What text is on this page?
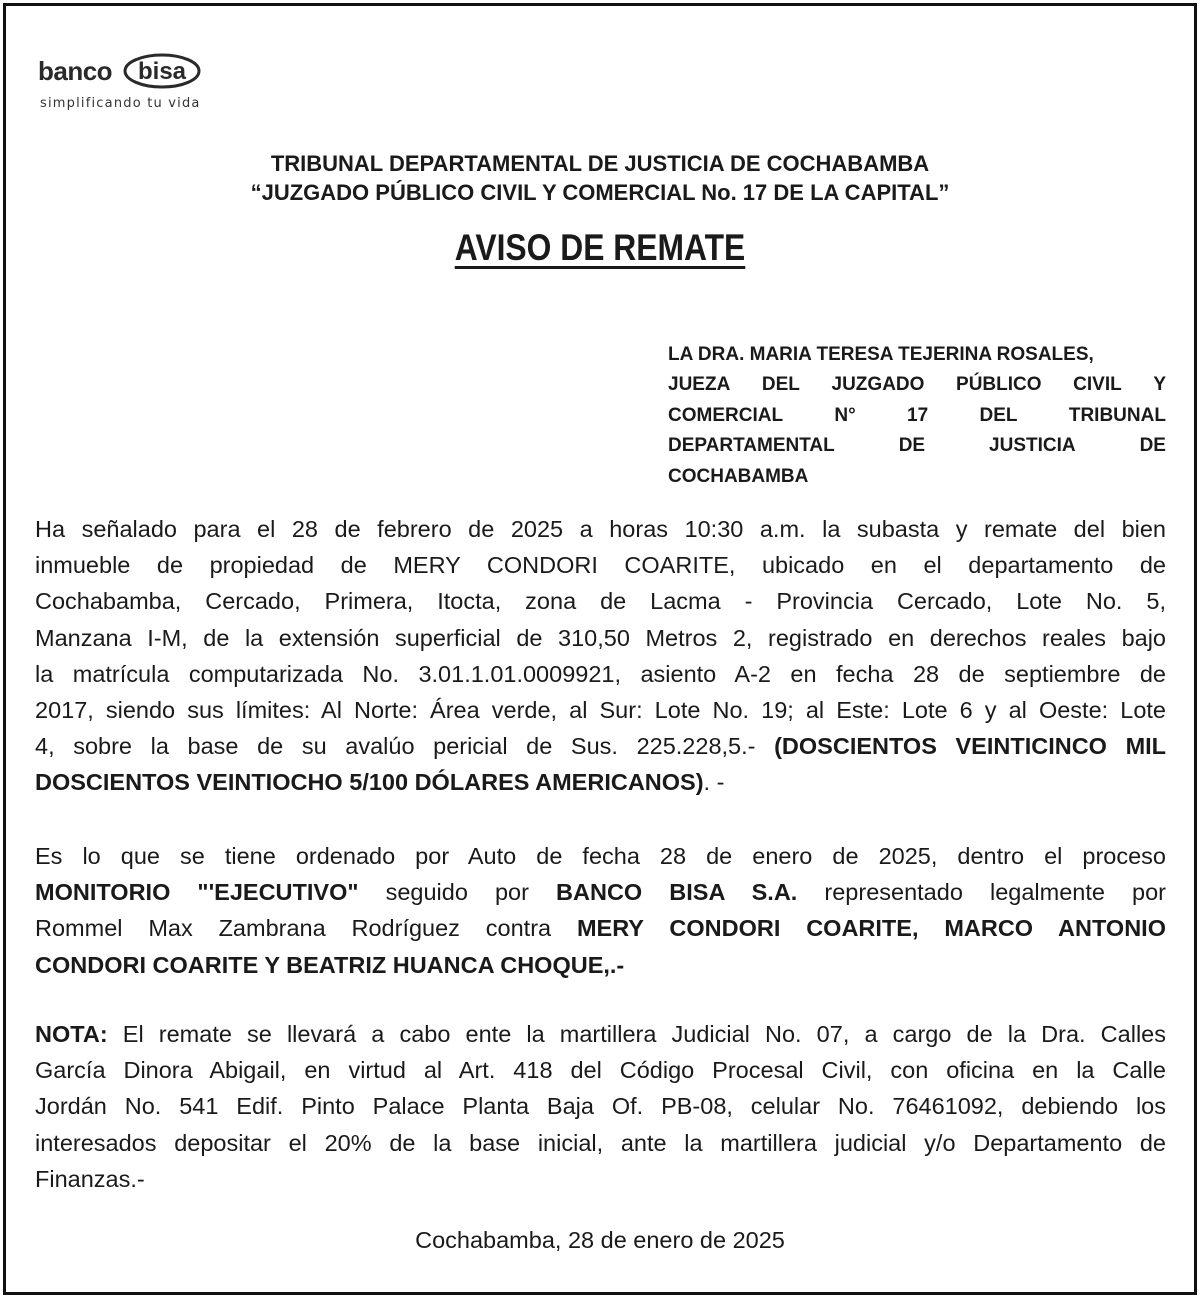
banco bisa
simplificando tu vida
TRIBUNAL DEPARTAMENTAL DE JUSTICIA DE COCHABAMBA
“JUZGADO PÚBLICO CIVIL Y COMERCIAL No. 17 DE LA CAPITAL”
AVISO DE REMATE
LA DRA. MARIA TERESA TEJERINA ROSALES,
JUEZA DEL JUZGADO PÚBLICO CIVIL Y
COMERCIAL	N°	17	DEL	TRIBUNAL
DEPARTAMENTAL	DE	JUSTICIA	DE
COCHABAMBA
Ha señalado para el 28 de febrero de 2025 a horas 10:30 a.m. la subasta y remate del bien
inmueble de propiedad de MERY CONDORI COARITE, ubicado en el departamento de
Cochabamba, Cercado, Primera, Itocta, zona de Lacma - Provincia Cercado, Lote No. 5,
Manzana I-M, de la extensión superficial de 310,50 Metros 2, registrado en derechos reales bajo
la matrícula computarizada No. 3.01.1.01.0009921, asiento A-2 en fecha 28 de septiembre de
2017, siendo sus límites: Al Norte: Área verde, al Sur: Lote No. 19; al Este: Lote 6 y al Oeste: Lote
4, sobre la base de su avalúo pericial de Sus. 225.228,5.- (DOSCIENTOS VEINTICINCO MIL
DOSCIENTOS VEINTIOCHO 5/100 DÓLARES AMERICANOS). -
Es lo que se tiene ordenado por Auto de fecha 28 de enero de 2025, dentro el proceso
MONITORIO "'EJECUTIVO" seguido por BANCO BISA S.A. representado legalmente por
Rommel Max Zambrana Rodríguez contra MERY CONDORI COARITE, MARCO ANTONIO
CONDORI COARITE Y BEATRIZ HUANCA CHOQUE,.-
NOTA: El remate se llevará a cabo ente la martillera Judicial No. 07, a cargo de la Dra. Calles
García Dinora Abigail, en virtud al Art. 418 del Código Procesal Civil, con oficina en la Calle
Jordán No. 541 Edif. Pinto Palace Planta Baja Of. PB-08, celular No. 76461092, debiendo los
interesados depositar el 20% de la base inicial, ante la martillera judicial y/o Departamento de
Finanzas.-
Cochabamba, 28 de enero de 2025
